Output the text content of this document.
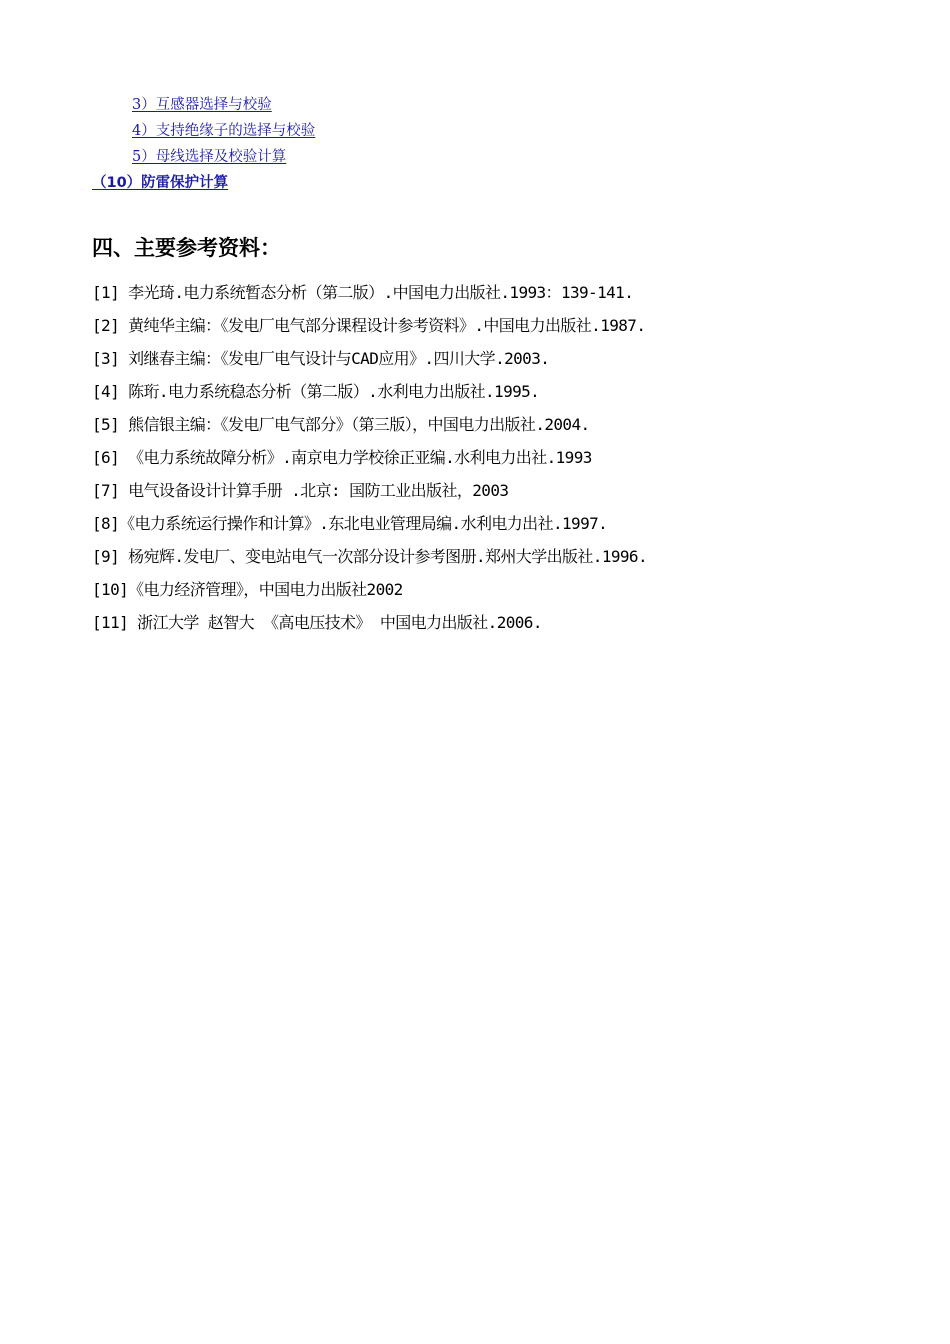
3）互感器选择与校验
4）支持绝缘子的选择与校验
5）母线选择及校验计算
（10）防雷保护计算
四、主要参考资料：
[1] 李光琦.电力系统暂态分析（第二版）.中国电力出版社.1993：139-141.
[2] 黄纯华主编：《发电厂电气部分课程设计参考资料》.中国电力出版社.1987.
[3] 刘继春主编：《发电厂电气设计与CAD应用》.四川大学.2003.
[4] 陈珩.电力系统稳态分析（第二版）.水利电力出版社.1995.
[5] 熊信银主编：《发电厂电气部分》（第三版），中国电力出版社.2004.
[6] 《电力系统故障分析》.南京电力学校徐正亚编.水利电力出社.1993
[7] 电气设备设计计算手册 .北京: 国防工业出版社，2003
[8]《电力系统运行操作和计算》.东北电业管理局编.水利电力出社.1997.
[9] 杨宛辉.发电厂、变电站电气一次部分设计参考图册.郑州大学出版社.1996.
[10]《电力经济管理》，中国电力出版社2002
[11] 浙江大学 赵智大 《高电压技术》 中国电力出版社.2006.
